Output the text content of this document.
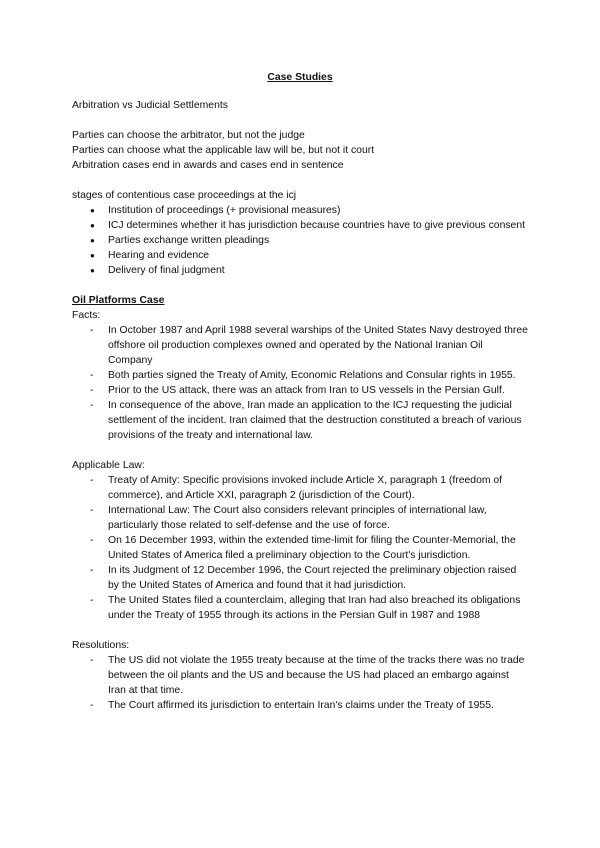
Case Studies

Arbitration vs Judicial Settlements

Parties can choose the arbitrator, but not the judge

Parties can choose what the applicable law will be, but not it court

Arbitration cases end in awards and cases end in sentence

stages of contentious case proceedings at the icj

● Institution of proceedings (+ provisional measures)
● ICJ determines whether it has jurisdiction because countries have to give previous consent
● Parties exchange written pleadings
● Hearing and evidence
● Delivery of final judgment

Oil Platforms Case

Facts:

- In October 1987 and April 1988 several warships of the United States Navy destroyed three offshore oil production complexes owned and operated by the National Iranian Oil Company
- Both parties signed the Treaty of Amity, Economic Relations and Consular rights in 1955.
- Prior to the US attack, there was an attack from Iran to US vessels in the Persian Gulf.
- In consequence of the above, Iran made an application to the ICJ requesting the judicial settlement of the incident. Iran claimed that the destruction constituted a breach of various provisions of the treaty and international law.

Applicable Law:

- Treaty of Amity: Specific provisions invoked include Article X, paragraph 1 (freedom of commerce), and Article XXI, paragraph 2 (jurisdiction of the Court).
- International Law: The Court also considers relevant principles of international law, particularly those related to self-defense and the use of force.
- On 16 December 1993, within the extended time-limit for filing the Counter-Memorial, the United States of America filed a preliminary objection to the Court's jurisdiction.
- In its Judgment of 12 December 1996, the Court rejected the preliminary objection raised by the United States of America and found that it had jurisdiction.
- The United States filed a counterclaim, alleging that Iran had also breached its obligations under the Treaty of 1955 through its actions in the Persian Gulf in 1987 and 1988

Resolutions:

- The US did not violate the 1955 treaty because at the time of the tracks there was no trade between the oil plants and the US and because the US had placed an embargo against Iran at that time.
- The Court affirmed its jurisdiction to entertain Iran's claims under the Treaty of 1955.
